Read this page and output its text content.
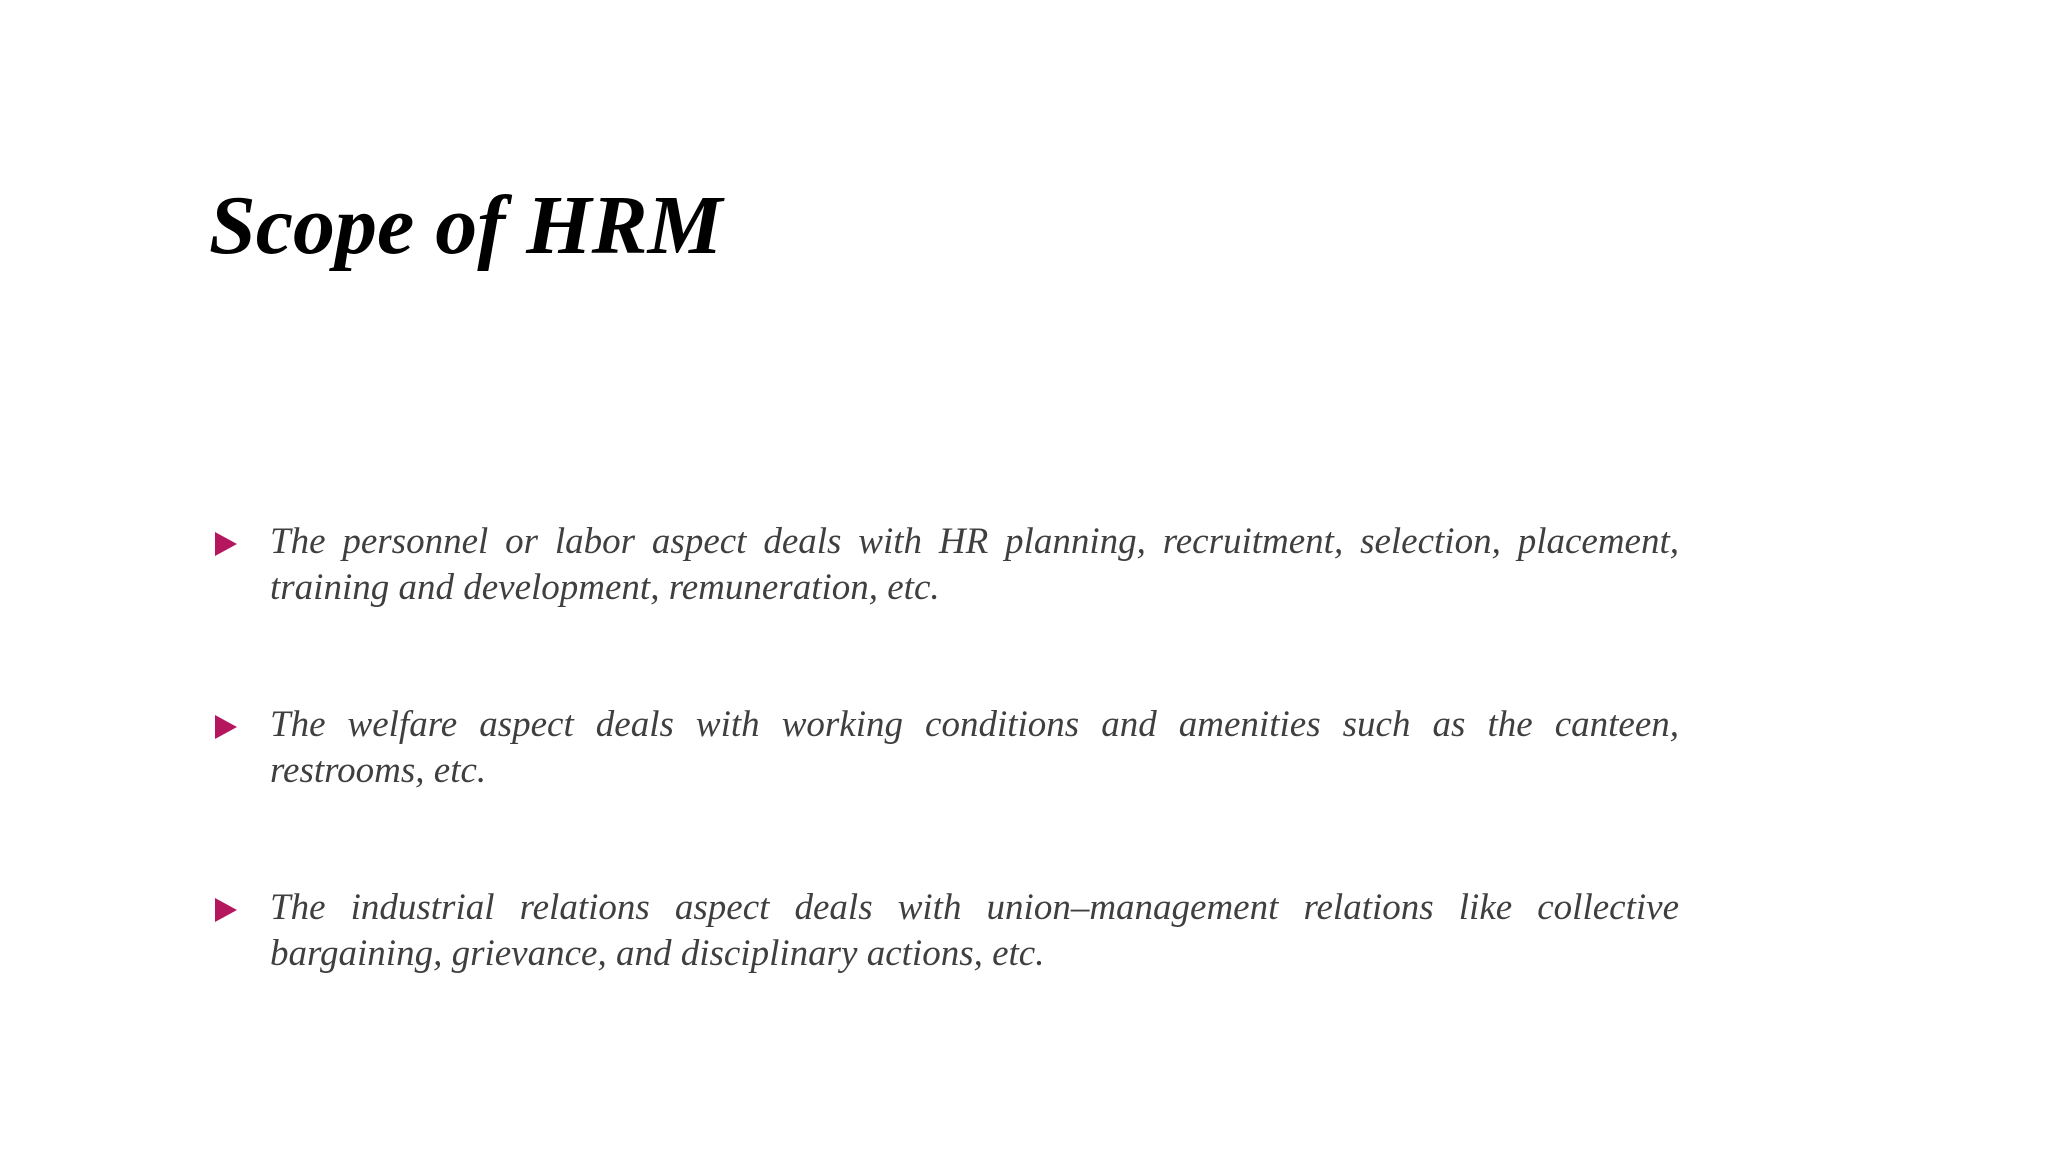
Scope of HRM

The personnel or labor aspect deals with HR planning, recruitment, selection, placement, training and development, remuneration, etc.

The welfare aspect deals with working conditions and amenities such as the canteen, restrooms, etc.

The industrial relations aspect deals with union–management relations like collective bargaining, grievance, and disciplinary actions, etc.
